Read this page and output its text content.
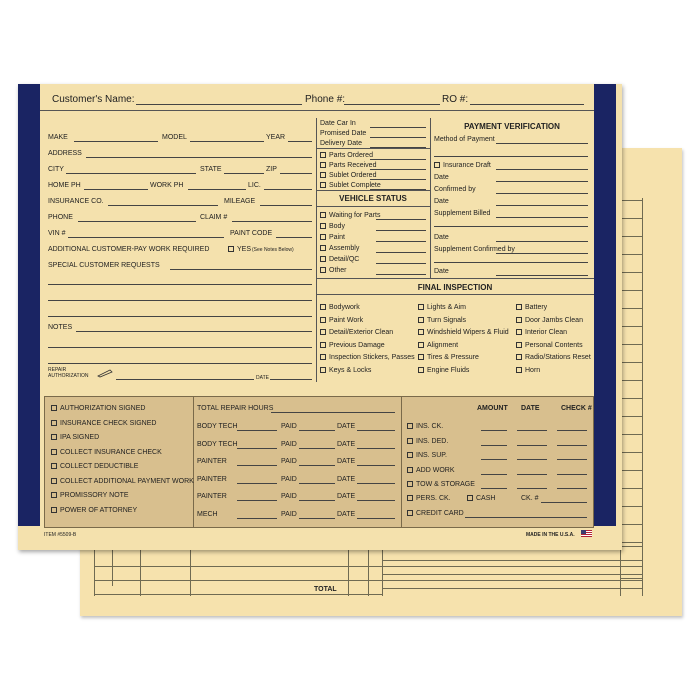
TOTAL
Customer's Name:	Phone #:	RO #:
MAKE	MODEL	YEAR
ADDRESS
CITY	STATE	ZIP
HOME PH	WORK PH	LIC.
INSURANCE CO.	MILEAGE
PHONE	CLAIM #
VIN #	PAINT CODE
ADDITIONAL CUSTOMER-PAY WORK REQUIRED	YES (See Notes Below)
SPECIAL CUSTOMER REQUESTS
NOTES
REPAIR
AUTHORIZATION	DATE
Date Car In
Promised Date
Delivery Date
Parts Ordered
Parts Received
Sublet Ordered
Sublet Complete
VEHICLE STATUS
Waiting for Parts
Body
Paint
Assembly
Detail/QC
Other
PAYMENT VERIFICATION
Method of Payment
Insurance Draft
Date
Confirmed by
Date
Supplement Billed
Date
Supplement Confirmed by
Date
FINAL INSPECTION
Bodywork
Paint Work
Detail/Exterior Clean
Previous Damage
Inspection Stickers, Passes
Keys & Locks
Lights & Aim
Turn Signals
Windshield Wipers & Fluid
Alignment
Tires & Pressure
Engine Fluids
Battery
Door Jambs Clean
Interior Clean
Personal Contents
Radio/Stations Reset
Horn
AUTHORIZATION SIGNED
INSURANCE CHECK SIGNED
IPA SIGNED
COLLECT INSURANCE CHECK
COLLECT DEDUCTIBLE
COLLECT ADDITIONAL PAYMENT WORK
PROMISSORY NOTE
POWER OF ATTORNEY
TOTAL REPAIR HOURS
BODY TECH	PAID	DATE
BODY TECH	PAID	DATE
PAINTER	PAID	DATE
PAINTER	PAID	DATE
PAINTER	PAID	DATE
MECH	PAID	DATE
AMOUNT DATE	CHECK #
INS. CK.
INS. DED.
INS. SUP.
ADD WORK
TOW & STORAGE
PERS. CK.	CASH	CK. #
CREDIT CARD
ITEM #5509-B	MADE IN THE U.S.A.
